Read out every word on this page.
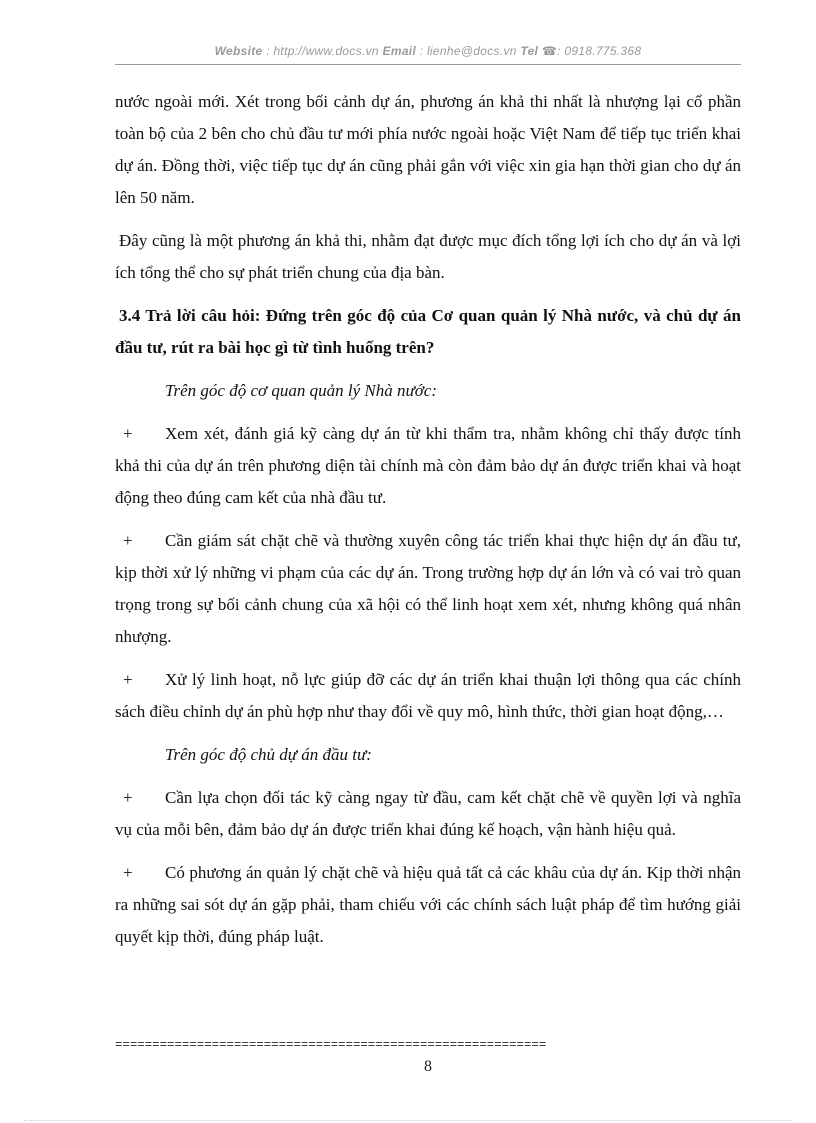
Website : http://www.docs.vn Email : lienhe@docs.vn Tel ☎: 0918.775.368

nước ngoài mới. Xét trong bối cảnh dự án, phương án khả thi nhất là nhượng lại cổ phần toàn bộ của 2 bên cho chủ đầu tư mới phía nước ngoài hoặc Việt Nam để tiếp tục triển khai dự án. Đồng thời, việc tiếp tục dự án cũng phải gắn với việc xin gia hạn thời gian cho dự án lên 50 năm.

Đây cũng là một phương án khả thi, nhằm đạt được mục đích tổng lợi ích cho dự án và lợi ích tổng thể cho sự phát triển chung của địa bàn.

3.4 Trả lời câu hỏi: Đứng trên góc độ của Cơ quan quản lý Nhà nước, và chủ dự án đầu tư, rút ra bài học gì từ tình huống trên?

Trên góc độ cơ quan quản lý Nhà nước:

+ Xem xét, đánh giá kỹ càng dự án từ khi thẩm tra, nhằm không chỉ thấy được tính khả thi của dự án trên phương diện tài chính mà còn đảm bảo dự án được triển khai và hoạt động theo đúng cam kết của nhà đầu tư.

+ Cần giám sát chặt chẽ và thường xuyên công tác triển khai thực hiện dự án đầu tư, kịp thời xử lý những vi phạm của các dự án. Trong trường hợp dự án lớn và có vai trò quan trọng trong sự bối cảnh chung của xã hội có thể linh hoạt xem xét, nhưng không quá nhân nhượng.

+ Xử lý linh hoạt, nỗ lực giúp đỡ các dự án triển khai thuận lợi thông qua các chính sách điều chỉnh dự án phù hợp như thay đổi về quy mô, hình thức, thời gian hoạt động,…

Trên góc độ chủ dự án đầu tư:

+ Cần lựa chọn đối tác kỹ càng ngay từ đầu, cam kết chặt chẽ về quyền lợi và nghĩa vụ của mỗi bên, đảm bảo dự án được triển khai đúng kế hoạch, vận hành hiệu quả.

+ Có phương án quản lý chặt chẽ và hiệu quả tất cả các khâu của dự án. Kịp thời nhận ra những sai sót dự án gặp phải, tham chiếu với các chính sách luật pháp để tìm hướng giải quyết kịp thời, đúng pháp luật.

==========================================================
8
